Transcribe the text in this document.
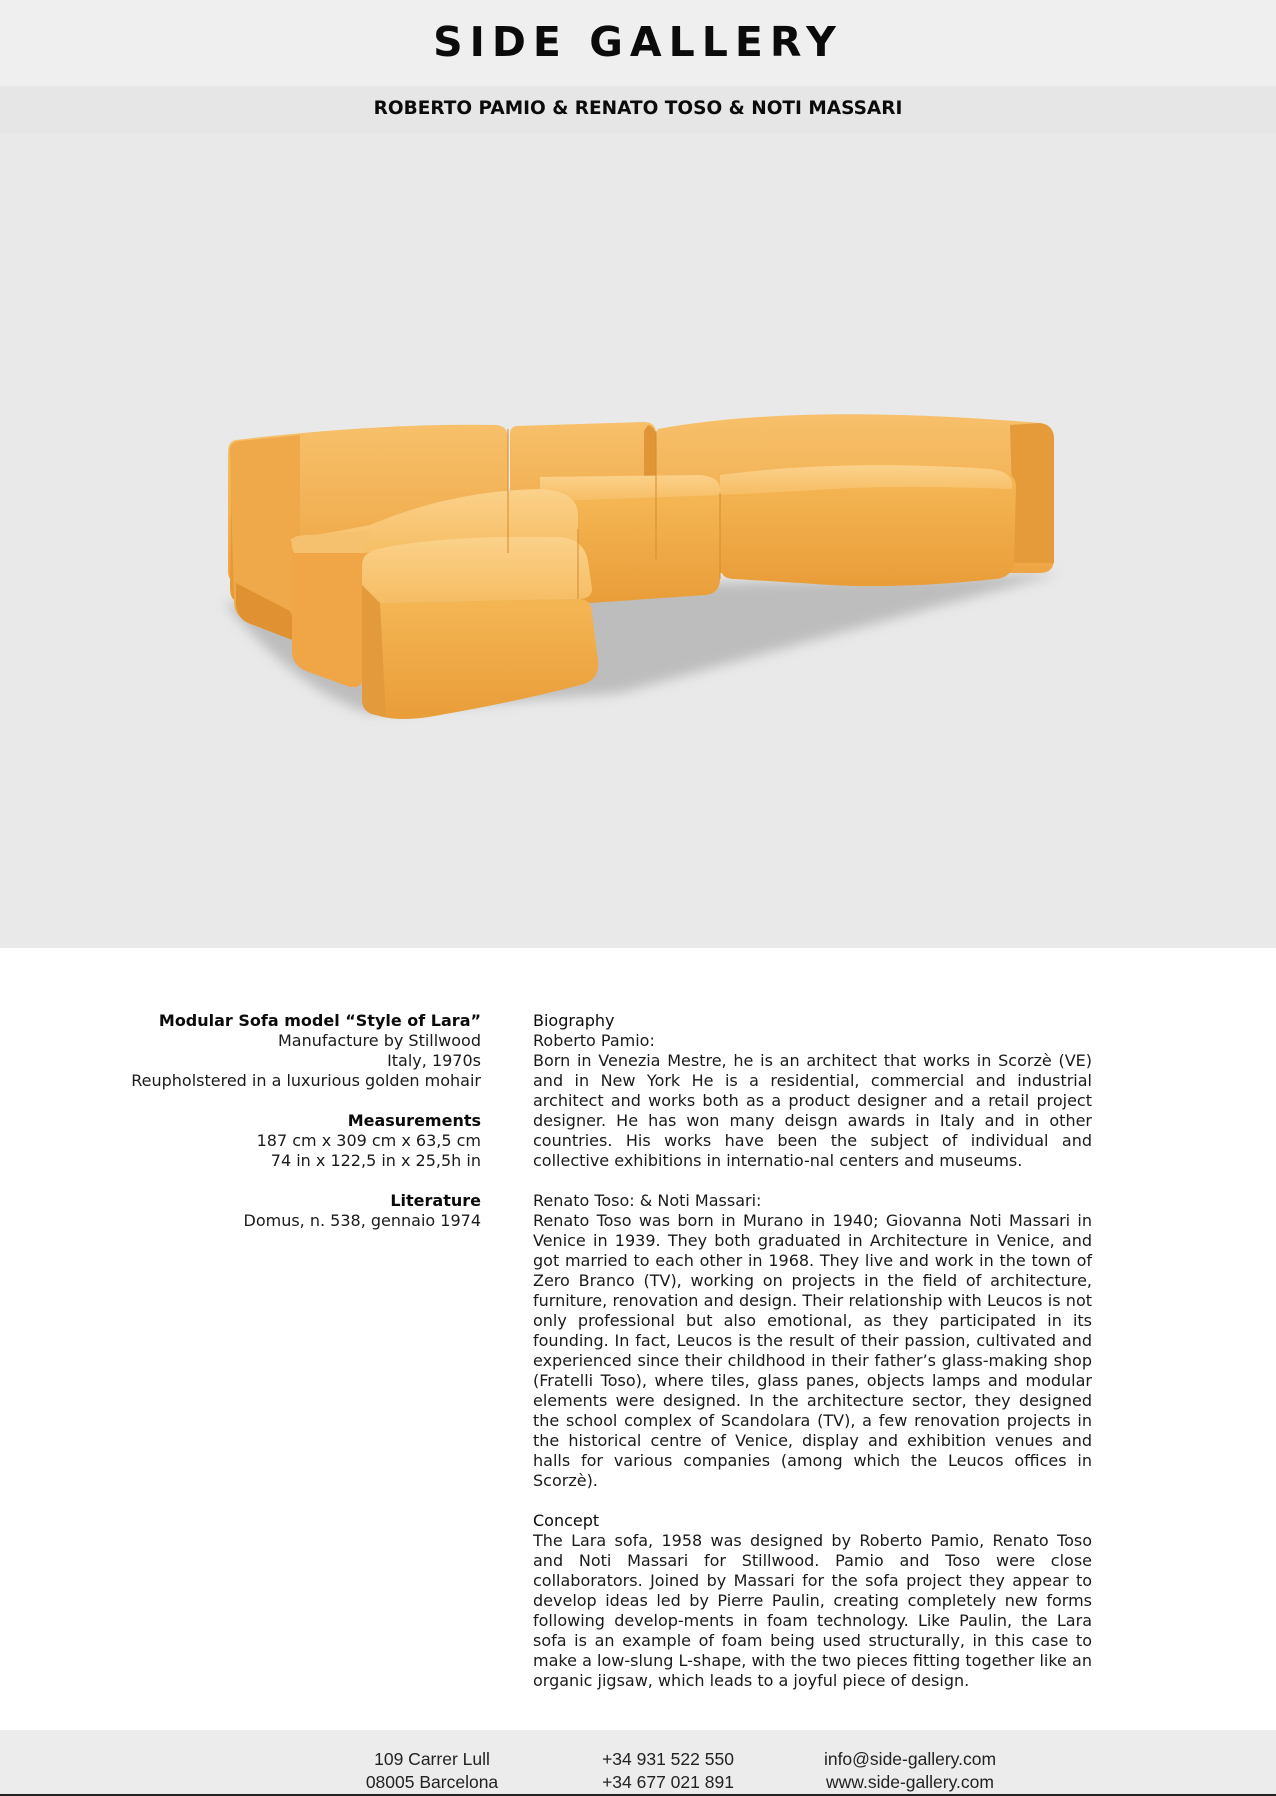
SIDE GALLERY
ROBERTO PAMIO & RENATO TOSO & NOTI MASSARI
Modular Sofa model “Style of Lara”
Manufacture by Stillwood
Italy, 1970s
Reupholstered in a luxurious golden mohair
Measurements
187 cm x 309 cm x 63,5 cm
74 in x 122,5 in x 25,5h in
Literature
Domus, n. 538, gennaio 1974
Biography
Roberto Pamio:

Born in Venezia Mestre, he is an architect that works in Scorzè (VE) and in New York He is a residential, commercial and industrial architect and works both as a product designer and a retail project designer. He has won many deisgn awards in Italy and in other countries. His works have been the subject of individual and collective exhibitions in internatio-nal centers and museums.

Renato Toso: & Noti Massari:

Renato Toso was born in Murano in 1940; Giovanna Noti Massari in Venice in 1939. They both graduated in Architecture in Venice, and got married to each other in 1968. They live and work in the town of Zero Branco (TV), working on projects in the field of architecture, furniture, renovation and design. Their relationship with Leucos is not only professional but also emotional, as they participated in its founding. In fact, Leucos is the result of their passion, cultivated and experienced since their childhood in their father’s glass-making shop (Fratelli Toso), where tiles, glass panes, objects lamps and modular elements were designed. In the architecture sector, they designed the school complex of Scandolara (TV), a few renovation projects in the historical centre of Venice, display and exhibition venues and halls for various companies (among which the Leucos offices in Scorzè).

Concept

The Lara sofa, 1958 was designed by Roberto Pamio, Renato Toso and Noti Massari for Stillwood. Pamio and Toso were close collaborators. Joined by Massari for the sofa project they appear to develop ideas led by Pierre Paulin, creating completely new forms following develop-ments in foam technology. Like Paulin, the Lara sofa is an example of foam being used structurally, in this case to make a low-slung L-shape, with the two pieces fitting together like an organic jigsaw, which leads to a joyful piece of design.

109 Carrer Lull
08005 Barcelona
+34 931 522 550
+34 677 021 891
info@side-gallery.com
www.side-gallery.com
